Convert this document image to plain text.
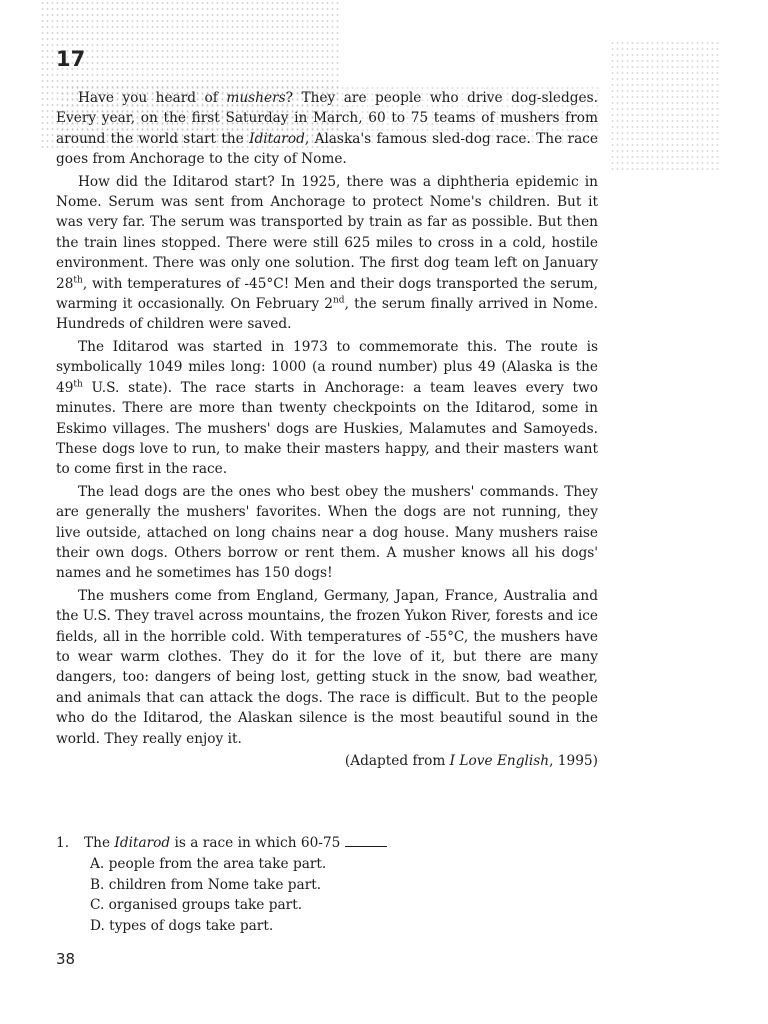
17

Have you heard of mushers? They are people who drive dog-sledges. Every year, on the first Saturday in March, 60 to 75 teams of mushers from around the world start the Iditarod, Alaska's famous sled-dog race. The race goes from Anchorage to the city of Nome.

How did the Iditarod start? In 1925, there was a diphtheria epidemic in Nome. Serum was sent from Anchorage to protect Nome's children. But it was very far. The serum was transported by train as far as possible. But then the train lines stopped. There were still 625 miles to cross in a cold, hostile environment. There was only one solution. The first dog team left on January 28th, with temperatures of -45°C! Men and their dogs transported the serum, warming it occasionally. On February 2nd, the serum finally arrived in Nome. Hundreds of children were saved.

The Iditarod was started in 1973 to commemorate this. The route is symbolically 1049 miles long: 1000 (a round number) plus 49 (Alaska is the 49th U.S. state). The race starts in Anchorage: a team leaves every two minutes. There are more than twenty checkpoints on the Iditarod, some in Eskimo villages. The mushers' dogs are Huskies, Malamutes and Samoyeds. These dogs love to run, to make their masters happy, and their masters want to come first in the race.

The lead dogs are the ones who best obey the mushers' commands. They are generally the mushers' favorites. When the dogs are not running, they live outside, attached on long chains near a dog house. Many mushers raise their own dogs. Others borrow or rent them. A musher knows all his dogs' names and he sometimes has 150 dogs!

The mushers come from England, Germany, Japan, France, Australia and the U.S. They travel across mountains, the frozen Yukon River, forests and ice fields, all in the horrible cold. With temperatures of -55°C, the mushers have to wear warm clothes. They do it for the love of it, but there are many dangers, too: dangers of being lost, getting stuck in the snow, bad weather, and animals that can attack the dogs. The race is difficult. But to the people who do the Iditarod, the Alaskan silence is the most beautiful sound in the world. They really enjoy it.

(Adapted from I Love English, 1995)

1. The Iditarod is a race in which 60-75

A. people from the area take part.
B. children from Nome take part.
C. organised groups take part.
D. types of dogs take part.
38
